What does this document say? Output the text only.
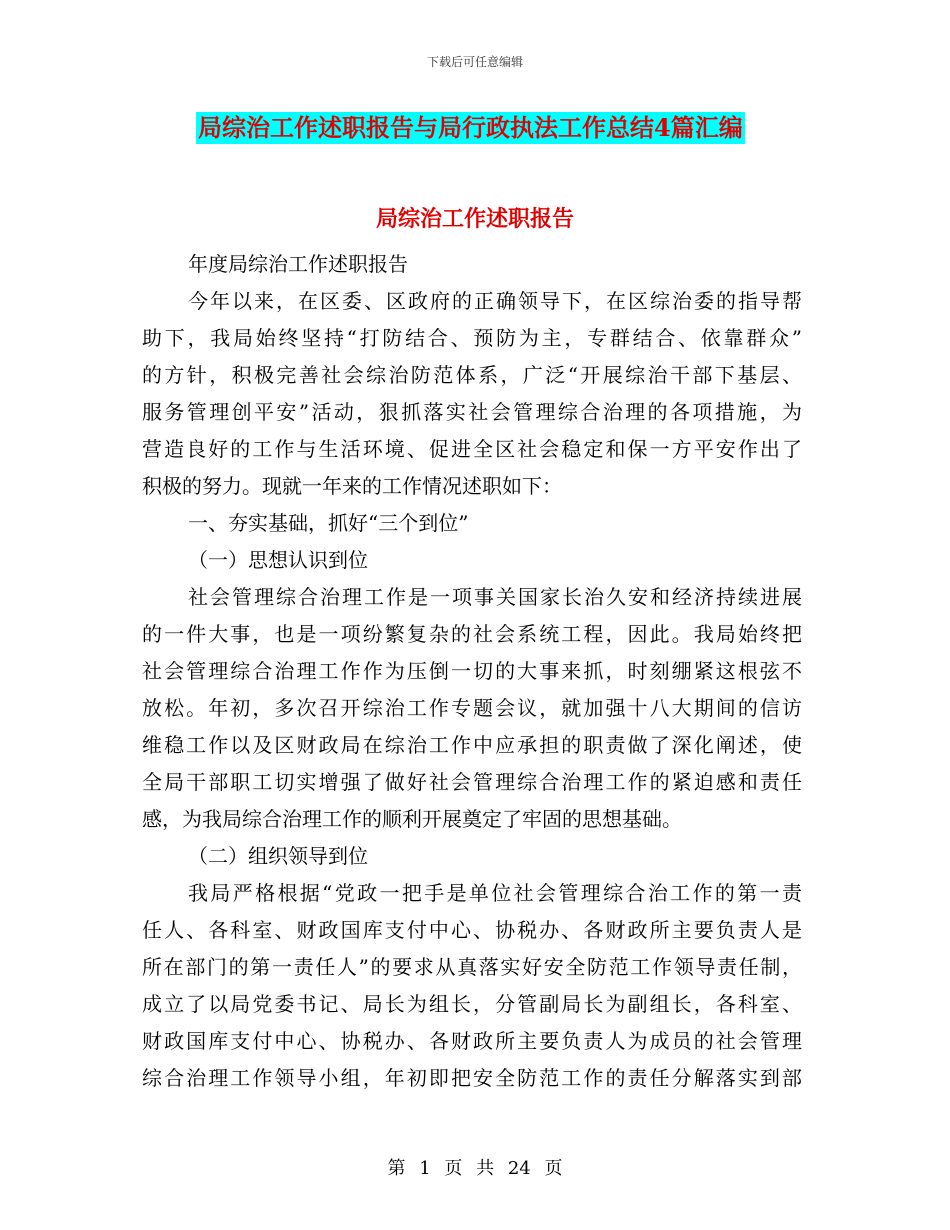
下载后可任意编辑
局综治工作述职报告与局行政执法工作总结4篇汇编
局综治工作述职报告
年度局综治工作述职报告
今年以来，在区委、区政府的正确领导下，在区综治委的指导帮
助下，我局始终坚持“打防结合、预防为主，专群结合、依靠群众”
的方针，积极完善社会综治防范体系，广泛“开展综治干部下基层、
服务管理创平安”活动，狠抓落实社会管理综合治理的各项措施，为
营造良好的工作与生活环境、促进全区社会稳定和保一方平安作出了
积极的努力。现就一年来的工作情况述职如下：
一、夯实基础，抓好“三个到位”
（一）思想认识到位
社会管理综合治理工作是一项事关国家长治久安和经济持续进展
的一件大事，也是一项纷繁复杂的社会系统工程，因此。我局始终把
社会管理综合治理工作作为压倒一切的大事来抓，时刻绷紧这根弦不
放松。年初，多次召开综治工作专题会议，就加强十八大期间的信访
维稳工作以及区财政局在综治工作中应承担的职责做了深化阐述，使
全局干部职工切实增强了做好社会管理综合治理工作的紧迫感和责任
感，为我局综合治理工作的顺利开展奠定了牢固的思想基础。
（二）组织领导到位
我局严格根据“党政一把手是单位社会管理综合治工作的第一责
任人、各科室、财政国库支付中心、协税办、各财政所主要负责人是
所在部门的第一责任人”的要求从真落实好安全防范工作领导责任制，
成立了以局党委书记、局长为组长，分管副局长为副组长，各科室、
财政国库支付中心、协税办、各财政所主要负责人为成员的社会管理
综合治理工作领导小组，年初即把安全防范工作的责任分解落实到部
第 1 页 共 24 页
